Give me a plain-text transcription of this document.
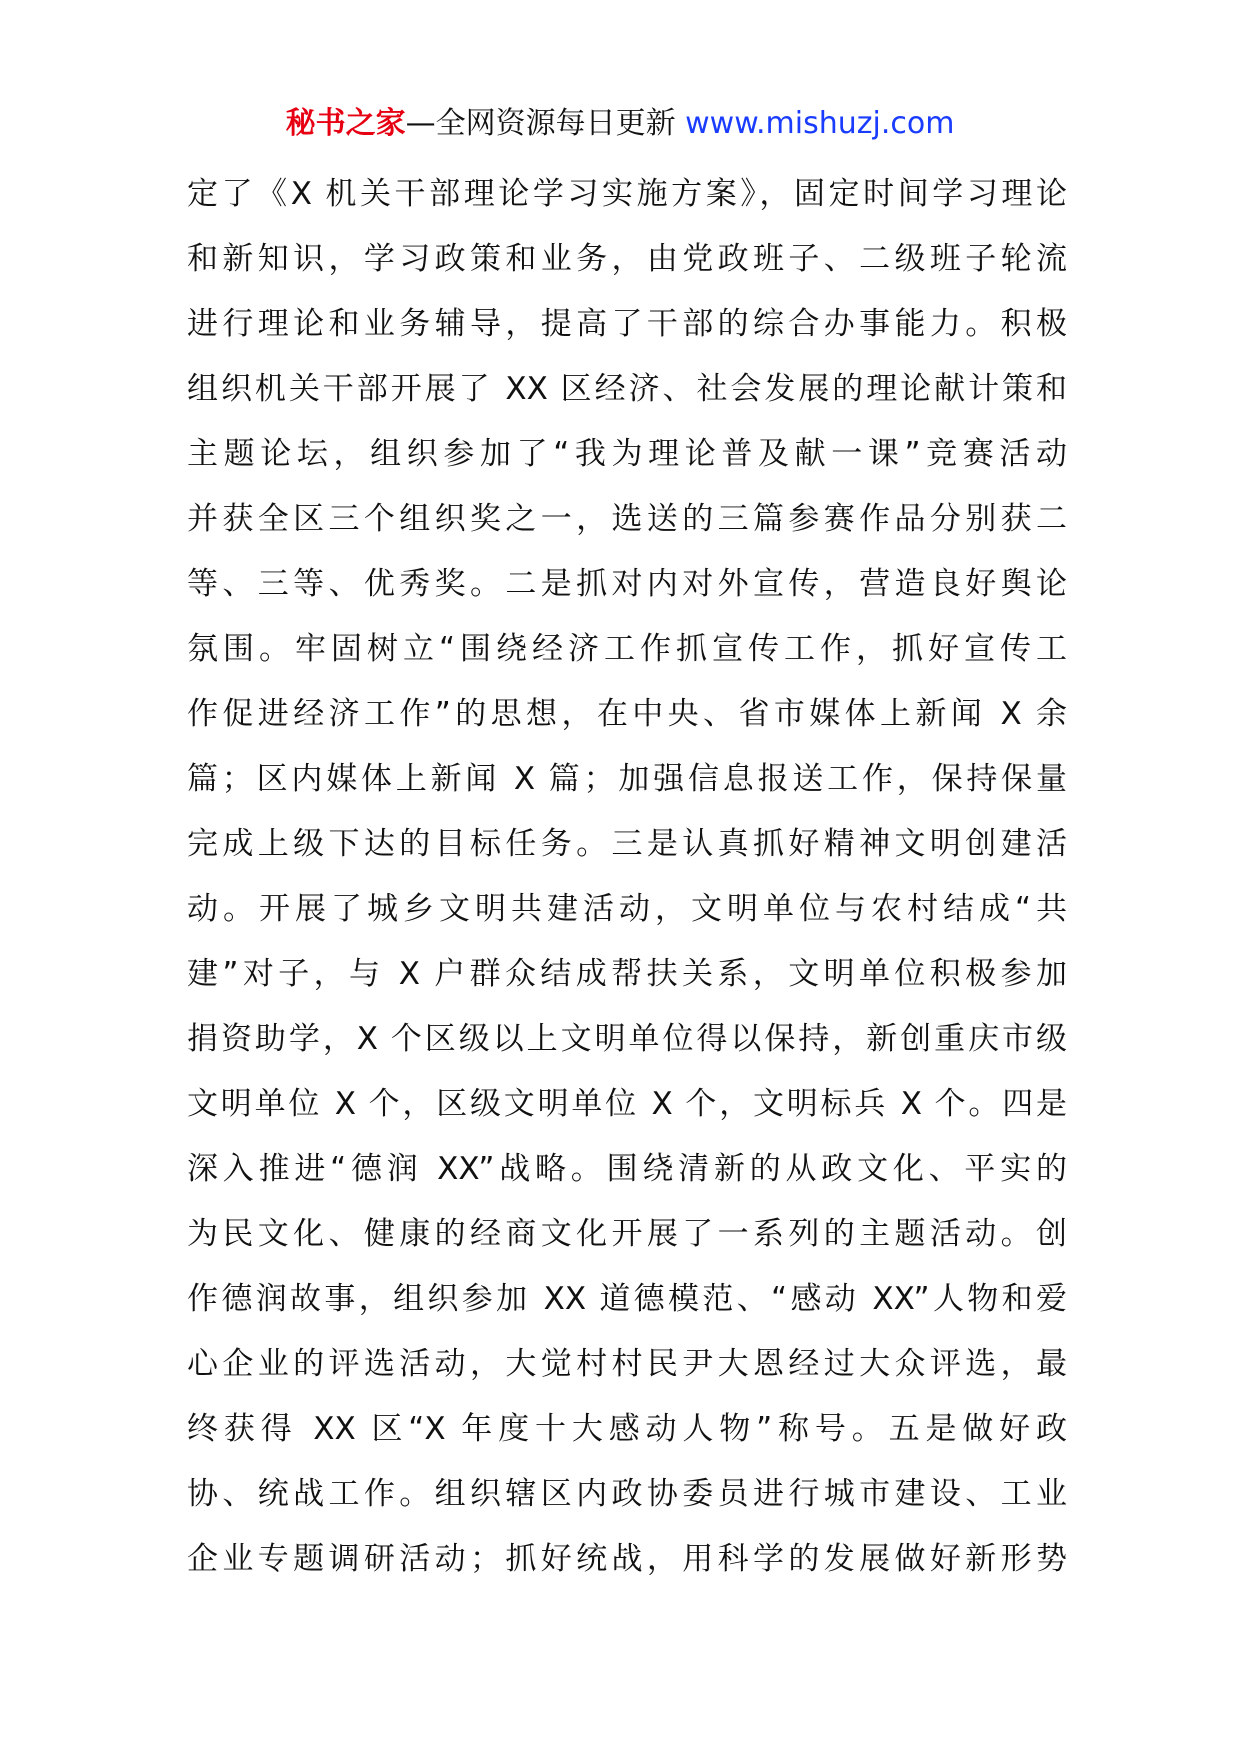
秘书之家—全网资源每日更新 www.mishuzj.com
定了《X 机关干部理论学习实施方案》，固定时间学习理论
和新知识，学习政策和业务，由党政班子、二级班子轮流
进行理论和业务辅导，提高了干部的综合办事能力。积极
组织机关干部开展了 XX 区经济、社会发展的理论献计策和
主题论坛，组织参加了“我为理论普及献一课”竞赛活动
并获全区三个组织奖之一，选送的三篇参赛作品分别获二
等、三等、优秀奖。二是抓对内对外宣传，营造良好舆论
氛围。牢固树立“围绕经济工作抓宣传工作，抓好宣传工
作促进经济工作”的思想，在中央、省市媒体上新闻 X 余
篇；区内媒体上新闻 X 篇；加强信息报送工作，保持保量
完成上级下达的目标任务。三是认真抓好精神文明创建活
动。开展了城乡文明共建活动，文明单位与农村结成“共
建”对子，与 X 户群众结成帮扶关系，文明单位积极参加
捐资助学，X 个区级以上文明单位得以保持，新创重庆市级
文明单位 X 个，区级文明单位 X 个，文明标兵 X 个。四是
深入推进“德润 XX”战略。围绕清新的从政文化、平实的
为民文化、健康的经商文化开展了一系列的主题活动。创
作德润故事，组织参加 XX 道德模范、“感动 XX”人物和爱
心企业的评选活动，大觉村村民尹大恩经过大众评选，最
终获得 XX 区“X 年度十大感动人物”称号。五是做好政
协、统战工作。组织辖区内政协委员进行城市建设、工业
企业专题调研活动；抓好统战，用科学的发展做好新形势
